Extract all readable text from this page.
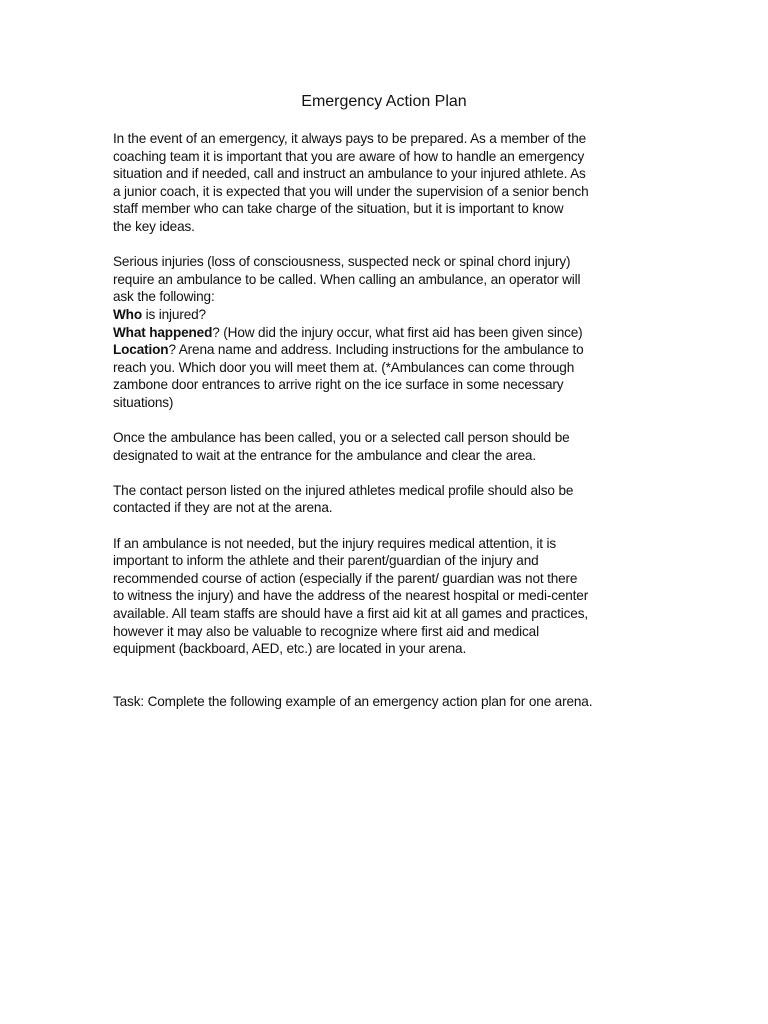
Emergency Action Plan

In the event of an emergency, it always pays to be prepared. As a member of the
coaching team it is important that you are aware of how to handle an emergency
situation and if needed, call and instruct an ambulance to your injured athlete. As
a junior coach, it is expected that you will under the supervision of a senior bench
staff member who can take charge of the situation, but it is important to know
the key ideas.

Serious injuries (loss of consciousness, suspected neck or spinal chord injury)
require an ambulance to be called. When calling an ambulance, an operator will
ask the following:
Who is injured?
What happened? (How did the injury occur, what first aid has been given since)
Location? Arena name and address. Including instructions for the ambulance to
reach you. Which door you will meet them at. (*Ambulances can come through
zambone door entrances to arrive right on the ice surface in some necessary
situations)

Once the ambulance has been called, you or a selected call person should be
designated to wait at the entrance for the ambulance and clear the area.

The contact person listed on the injured athletes medical profile should also be
contacted if they are not at the arena.

If an ambulance is not needed, but the injury requires medical attention, it is
important to inform the athlete and their parent/guardian of the injury and
recommended course of action (especially if the parent/ guardian was not there
to witness the injury) and have the address of the nearest hospital or medi-center
available. All team staffs are should have a first aid kit at all games and practices,
however it may also be valuable to recognize where first aid and medical
equipment (backboard, AED, etc.) are located in your arena.

Task: Complete the following example of an emergency action plan for one arena.
